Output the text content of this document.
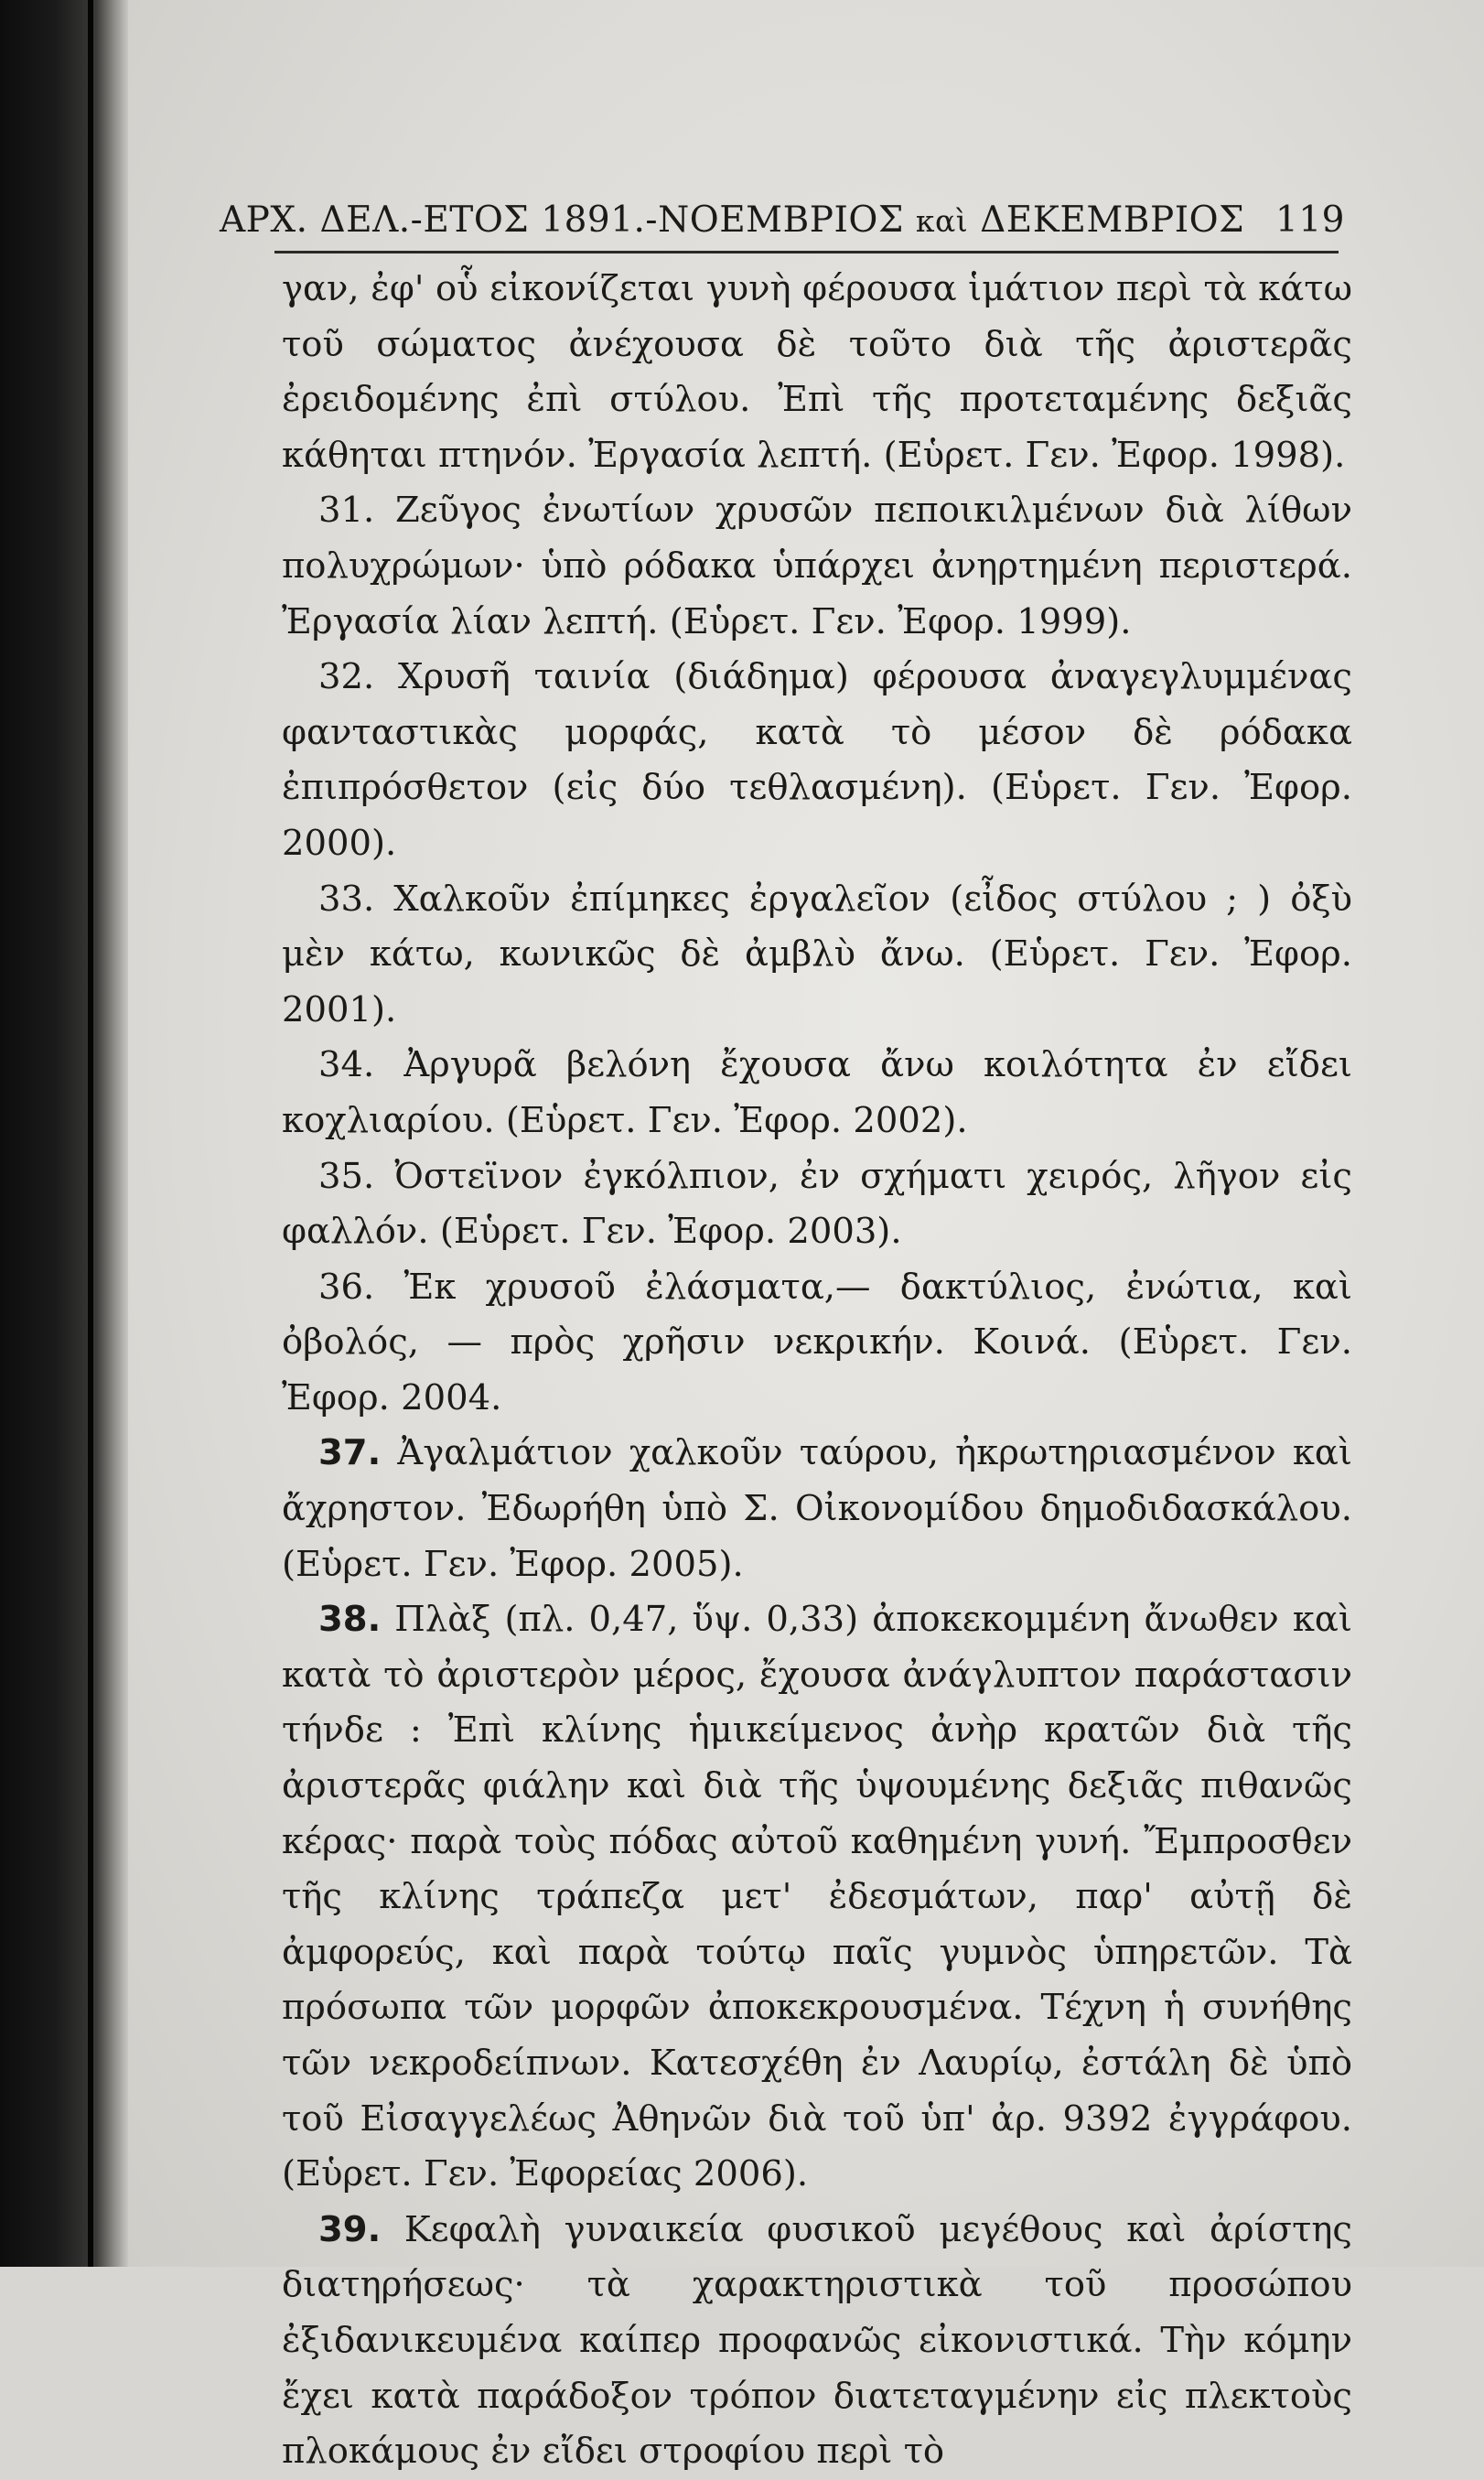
ΑΡΧ. ΔΕΛ.-ΕΤΟΣ 1891.-ΝΟΕΜΒΡΙΟΣ καὶ ΔΕΚΕΜΒΡΙΟΣ 119

γαν, ἐφ' οὗ εἰκονίζεται γυνὴ φέρουσα ἱμάτιον περὶ τὰ κάτω τοῦ σώματος ἀνέχουσα δὲ τοῦτο διὰ τῆς ἀριστερᾶς ἐρειδομένης ἐπὶ στύλου. Ἐπὶ τῆς προτεταμένης δεξιᾶς κάθηται πτηνόν. Ἐργασία λεπτή. (Εὑρετ. Γεν. Ἐφορ. 1998).

31. Ζεῦγος ἐνωτίων χρυσῶν πεποικιλμένων διὰ λίθων πολυχρώμων· ὑπὸ ρόδακα ὑπάρχει ἀνηρτημένη περιστερά. Ἐργασία λίαν λεπτή. (Εὑρετ. Γεν. Ἐφορ. 1999).

32. Χρυσῆ ταινία (διάδημα) φέρουσα ἀναγεγλυμμένας φανταστικὰς μορφάς, κατὰ τὸ μέσον δὲ ρόδακα ἐπιπρόσθετον (εἰς δύο τεθλασμένη). (Εὑρετ. Γεν. Ἐφορ. 2000).

33. Χαλκοῦν ἐπίμηκες ἐργαλεῖον (εἶδος στύλου ; ) ὀξὺ μὲν κάτω, κωνικῶς δὲ ἀμβλὺ ἄνω. (Εὑρετ. Γεν. Ἐφορ. 2001).

34. Ἀργυρᾶ βελόνη ἔχουσα ἄνω κοιλότητα ἐν εἴδει κοχλιαρίου. (Εὑρετ. Γεν. Ἐφορ. 2002).

35. Ὀστεϊνον ἐγκόλπιον, ἐν σχήματι χειρός, λῆγον εἰς φαλλόν. (Εὑρετ. Γεν. Ἐφορ. 2003).

36. Ἐκ χρυσοῦ ἐλάσματα,— δακτύλιος, ἐνώτια, καὶ ὀβολός, — πρὸς χρῆσιν νεκρικήν. Κοινά. (Εὑρετ. Γεν. Ἐφορ. 2004.

37. Ἀγαλμάτιον χαλκοῦν ταύρου, ἠκρωτηριασμένον καὶ ἄχρηστον. Ἐδωρήθη ὑπὸ Σ. Οἰκονομίδου δημοδιδασκάλου. (Εὑρετ. Γεν. Ἐφορ. 2005).

38. Πλὰξ (πλ. 0,47, ὕψ. 0,33) ἀποκεκομμένη ἄνωθεν καὶ κατὰ τὸ ἀριστερὸν μέρος, ἔχουσα ἀνάγλυπτον παράστασιν τήνδε : Ἐπὶ κλίνης ἡμικείμενος ἀνὴρ κρατῶν διὰ τῆς ἀριστερᾶς φιάλην καὶ διὰ τῆς ὑψουμένης δεξιᾶς πιθανῶς κέρας· παρὰ τοὺς πόδας αὐτοῦ καθημένη γυνή. Ἔμπροσθεν τῆς κλίνης τράπεζα μετ' ἐδεσμάτων, παρ' αὐτῇ δὲ ἀμφορεύς, καὶ παρὰ τούτῳ παῖς γυμνὸς ὑπηρετῶν. Τὰ πρόσωπα τῶν μορφῶν ἀποκεκρουσμένα. Τέχνη ἡ συνήθης τῶν νεκροδείπνων. Κατεσχέθη ἐν Λαυρίῳ, ἐστάλη δὲ ὑπὸ τοῦ Εἰσαγγελέως Ἀθηνῶν διὰ τοῦ ὑπ' ἀρ. 9392 ἐγγράφου. (Εὑρετ. Γεν. Ἐφορείας 2006).

39. Κεφαλὴ γυναικεία φυσικοῦ μεγέθους καὶ ἀρίστης διατηρήσεως· τὰ χαρακτηριστικὰ τοῦ προσώπου ἐξιδανικευμένα καίπερ προφανῶς εἰκονιστικά. Τὴν κόμην ἔχει κατὰ παράδοξον τρόπον διατεταγμένην εἰς πλεκτοὺς πλοκάμους ἐν εἴδει στροφίου περὶ τὸ
